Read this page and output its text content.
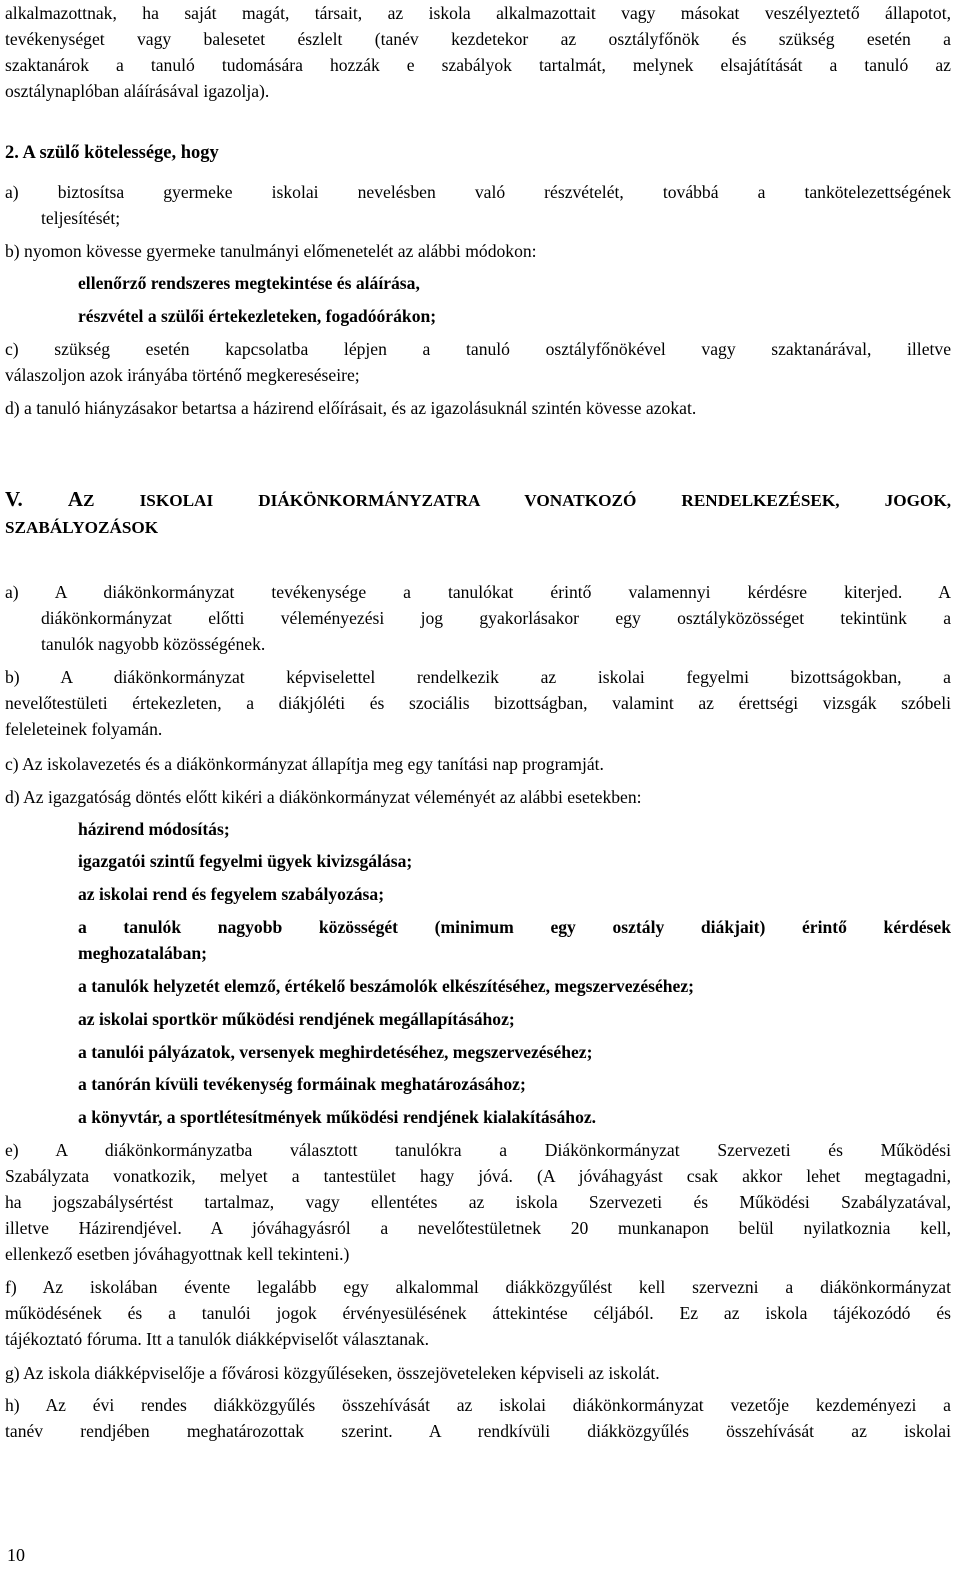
alkalmazottnak, ha saját magát, társait, az iskola alkalmazottait vagy másokat veszélyeztető állapotot,
tevékenységet vagy balesetet észlelt (tanév kezdetekor az osztályfőnök és szükség esetén a
szaktanárok a tanuló tudomására hozzák e szabályok tartalmát, melynek elsajátítását a tanuló az
osztálynaplóban aláírásával igazolja).
2. A szülő kötelessége, hogy
a) biztosítsa gyermeke iskolai nevelésben való részvételét, továbbá a tankötelezettségének
teljesítését;
b) nyomon kövesse gyermeke tanulmányi előmenetelét az alábbi módokon:
ellenőrző rendszeres megtekintése és aláírása,
részvétel a szülői értekezleteken, fogadóórákon;
c) szükség esetén kapcsolatba lépjen a tanuló osztályfőnökével vagy szaktanárával, illetve
válaszoljon azok irányába történő megkereséseire;
d) a tanuló hiányzásakor betartsa a házirend előírásait, és az igazolásuknál szintén kövesse azokat.
V. AZ ISKOLAI DIÁKÖNKORMÁNYZATRA VONATKOZÓ RENDELKEZÉSEK, JOGOK,
SZABÁLYOZÁSOK
a) A diákönkormányzat tevékenysége a tanulókat érintő valamennyi kérdésre kiterjed. A
diákönkormányzat előtti véleményezési jog gyakorlásakor egy osztályközösséget tekintünk a
tanulók nagyobb közösségének.
b) A diákönkormányzat képviselettel rendelkezik az iskolai fegyelmi bizottságokban, a
nevelőtestületi értekezleten, a diákjóléti és szociális bizottságban, valamint az érettségi vizsgák szóbeli
feleleteinek folyamán.
c) Az iskolavezetés és a diákönkormányzat állapítja meg egy tanítási nap programját.
d) Az igazgatóság döntés előtt kikéri a diákönkormányzat véleményét az alábbi esetekben:
házirend módosítás;
igazgatói szintű fegyelmi ügyek kivizsgálása;
az iskolai rend és fegyelem szabályozása;
a tanulók nagyobb közösségét (minimum egy osztály diákjait) érintő kérdések
meghozatalában;
a tanulók helyzetét elemző, értékelő beszámolók elkészítéséhez, megszervezéséhez;
az iskolai sportkör működési rendjének megállapításához;
a tanulói pályázatok, versenyek meghirdetéséhez, megszervezéséhez;
a tanórán kívüli tevékenység formáinak meghatározásához;
a könyvtár, a sportlétesítmények működési rendjének kialakításához.
e) A diákönkormányzatba választott tanulókra a Diákönkormányzat Szervezeti és Működési
Szabályzata vonatkozik, melyet a tantestület hagy jóvá. (A jóváhagyást csak akkor lehet megtagadni,
ha jogszabálysértést tartalmaz, vagy ellentétes az iskola Szervezeti és Működési Szabályzatával,
illetve Házirendjével. A jóváhagyásról a nevelőtestületnek 20 munkanapon belül nyilatkoznia kell,
ellenkező esetben jóváhagyottnak kell tekinteni.)
f) Az iskolában évente legalább egy alkalommal diákközgyűlést kell szervezni a diákönkormányzat
működésének és a tanulói jogok érvényesülésének áttekintése céljából. Ez az iskola tájékozódó és
tájékoztató fóruma. Itt a tanulók diákképviselőt választanak.
g) Az iskola diákképviselője a fővárosi közgyűléseken, összejöveteleken képviseli az iskolát.
h) Az évi rendes diákközgyűlés összehívását az iskolai diákönkormányzat vezetője kezdeményezi a
tanév rendjében meghatározottak szerint. A rendkívüli diákközgyűlés összehívását az iskolai
10
